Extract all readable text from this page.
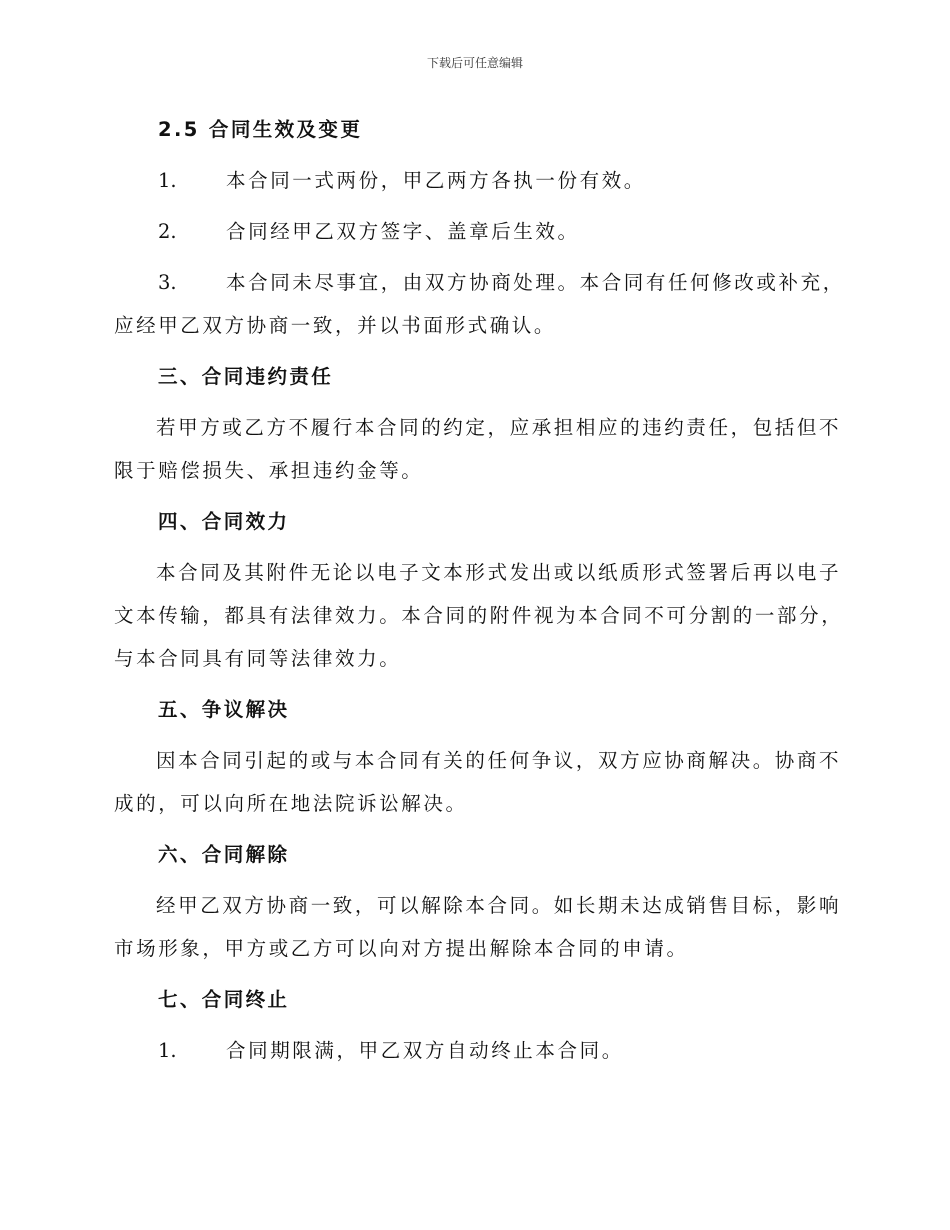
下载后可任意编辑
2.5 合同生效及变更
1.	本合同一式两份，甲乙两方各执一份有效。
2.	合同经甲乙双方签字、盖章后生效。
3.	本合同未尽事宜，由双方协商处理。本合同有任何修改或补充，
应经甲乙双方协商一致，并以书面形式确认。
三、合同违约责任
若甲方或乙方不履行本合同的约定，应承担相应的违约责任，包括但不
限于赔偿损失、承担违约金等。
四、合同效力
本合同及其附件无论以电子文本形式发出或以纸质形式签署后再以电子
文本传输，都具有法律效力。本合同的附件视为本合同不可分割的一部分，
与本合同具有同等法律效力。
五、争议解决
因本合同引起的或与本合同有关的任何争议，双方应协商解决。协商不
成的，可以向所在地法院诉讼解决。
六、合同解除
经甲乙双方协商一致，可以解除本合同。如长期未达成销售目标，影响
市场形象，甲方或乙方可以向对方提出解除本合同的申请。
七、合同终止
1.	合同期限满，甲乙双方自动终止本合同。
